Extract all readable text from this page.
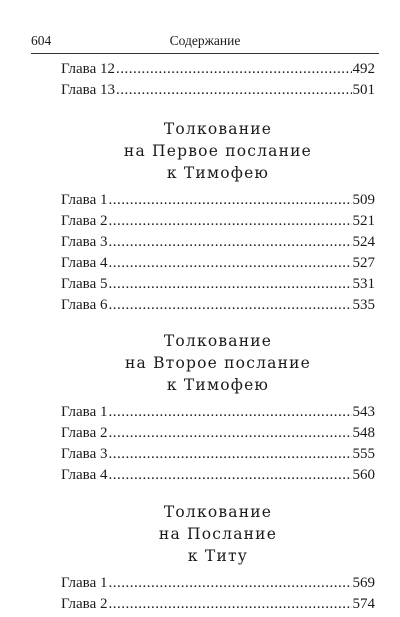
604	Содержание
Глава 12 .....	492
Глава 13 .....	501
Толкование
на Первое послание
к Тимофею
Глава 1 .....	509
Глава 2 .....	521
Глава 3 .....	524
Глава 4 .....	527
Глава 5 .....	531
Глава 6 .....	535
Толкование
на Второе послание
к Тимофею
Глава 1 .....	543
Глава 2 .....	548
Глава 3 .....	555
Глава 4 .....	560
Толкование
на Послание
к Титу
Глава 1 .....	569
Глава 2 .....	574
